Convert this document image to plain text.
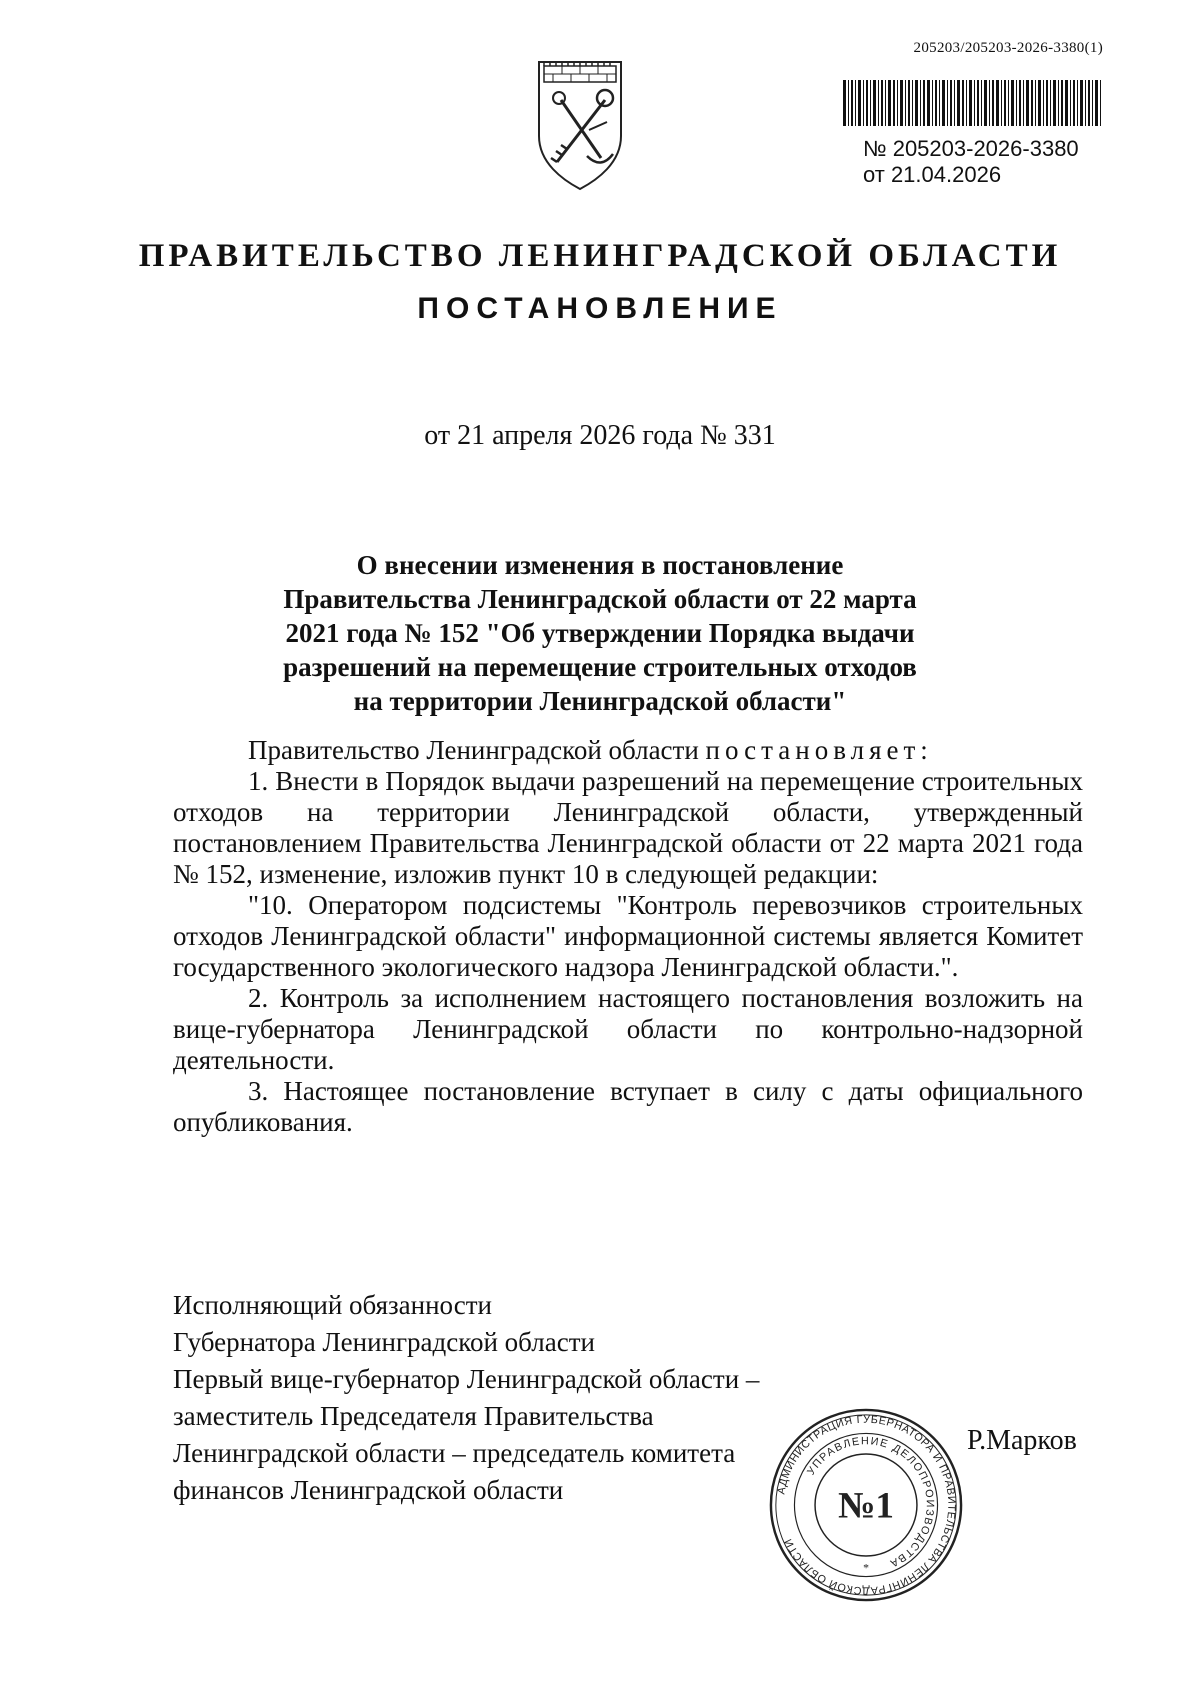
205203/205203-2026-3380(1)
№ 205203-2026-3380
от 21.04.2026
ПРАВИТЕЛЬСТВО ЛЕНИНГРАДСКОЙ ОБЛАСТИ
ПОСТАНОВЛЕНИЕ
от 21 апреля 2026 года № 331
О внесении изменения в постановление
Правительства Ленинградской области от 22 марта
2021 года № 152 "Об утверждении Порядка выдачи
разрешений на перемещение строительных отходов
на территории Ленинградской области"

Правительство Ленинградской области постановляет:

1. Внести в Порядок выдачи разрешений на перемещение строительных отходов на территории Ленинградской области, утвержденный постановлением Правительства Ленинградской области от 22 марта 2021 года № 152, изменение, изложив пункт 10 в следующей редакции:

"10. Оператором подсистемы "Контроль перевозчиков строительных отходов Ленинградской области" информационной системы является Комитет государственного экологического надзора Ленинградской области.".

2. Контроль за исполнением настоящего постановления возложить на вице-губернатора Ленинградской области по контрольно-надзорной деятельности.

3. Настоящее постановление вступает в силу с даты официального опубликования.

Исполняющий обязанности
Губернатора Ленинградской области
Первый вице-губернатор Ленинградской области –
заместитель Председателя Правительства
Ленинградской области – председатель комитета
финансов Ленинградской области	АДМИНИСТРАЦИЯ ГУБЕРНАТОРА И ПРАВИТЕЛЬСТВА ЛЕНИНГРАДСКОЙ ОБЛАСТИ
УПРАВЛЕНИЕ ДЕЛОПРОИЗВОДСТВА
№1
*
Р.Марков
